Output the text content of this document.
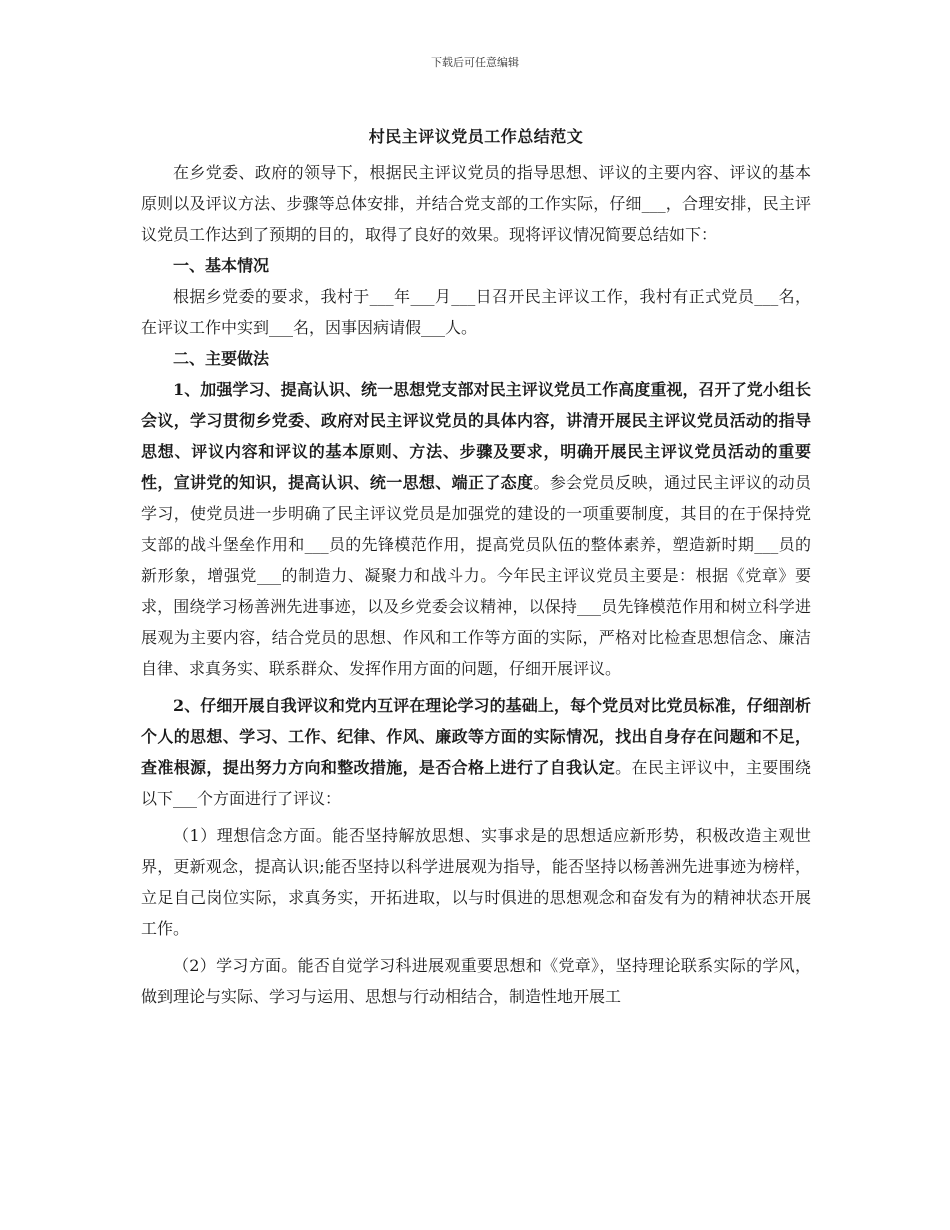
下载后可任意编辑
村民主评议党员工作总结范文

在乡党委、政府的领导下，根据民主评议党员的指导思想、评议的主要内容、评议的基本原则以及评议方法、步骤等总体安排，并结合党支部的工作实际，仔细___，合理安排，民主评议党员工作达到了预期的目的，取得了良好的效果。现将评议情况简要总结如下：

一、基本情况

根据乡党委的要求，我村于___年___月___日召开民主评议工作，我村有正式党员___名，在评议工作中实到___名，因事因病请假___人。

二、主要做法

1、加强学习、提高认识、统一思想党支部对民主评议党员工作高度重视，召开了党小组长会议，学习贯彻乡党委、政府对民主评议党员的具体内容，讲清开展民主评议党员活动的指导思想、评议内容和评议的基本原则、方法、步骤及要求，明确开展民主评议党员活动的重要性，宣讲党的知识，提高认识、统一思想、端正了态度。参会党员反映，通过民主评议的动员学习，使党员进一步明确了民主评议党员是加强党的建设的一项重要制度，其目的在于保持党支部的战斗堡垒作用和___员的先锋模范作用，提高党员队伍的整体素养，塑造新时期___员的新形象，增强党___的制造力、凝聚力和战斗力。今年民主评议党员主要是：根据《党章》要求，围绕学习杨善洲先进事迹，以及乡党委会议精神，以保持___员先锋模范作用和树立科学进展观为主要内容，结合党员的思想、作风和工作等方面的实际，严格对比检查思想信念、廉洁自律、求真务实、联系群众、发挥作用方面的问题，仔细开展评议。

2、仔细开展自我评议和党内互评在理论学习的基础上，每个党员对比党员标准，仔细剖析个人的思想、学习、工作、纪律、作风、廉政等方面的实际情况，找出自身存在问题和不足，查准根源，提出努力方向和整改措施，是否合格上进行了自我认定。在民主评议中，主要围绕以下___个方面进行了评议：

（1）理想信念方面。能否坚持解放思想、实事求是的思想适应新形势，积极改造主观世界，更新观念，提高认识;能否坚持以科学进展观为指导，能否坚持以杨善洲先进事迹为榜样，立足自己岗位实际，求真务实，开拓进取，以与时俱进的思想观念和奋发有为的精神状态开展工作。

（2）学习方面。能否自觉学习科进展观重要思想和《党章》，坚持理论联系实际的学风，做到理论与实际、学习与运用、思想与行动相结合，制造性地开展工
